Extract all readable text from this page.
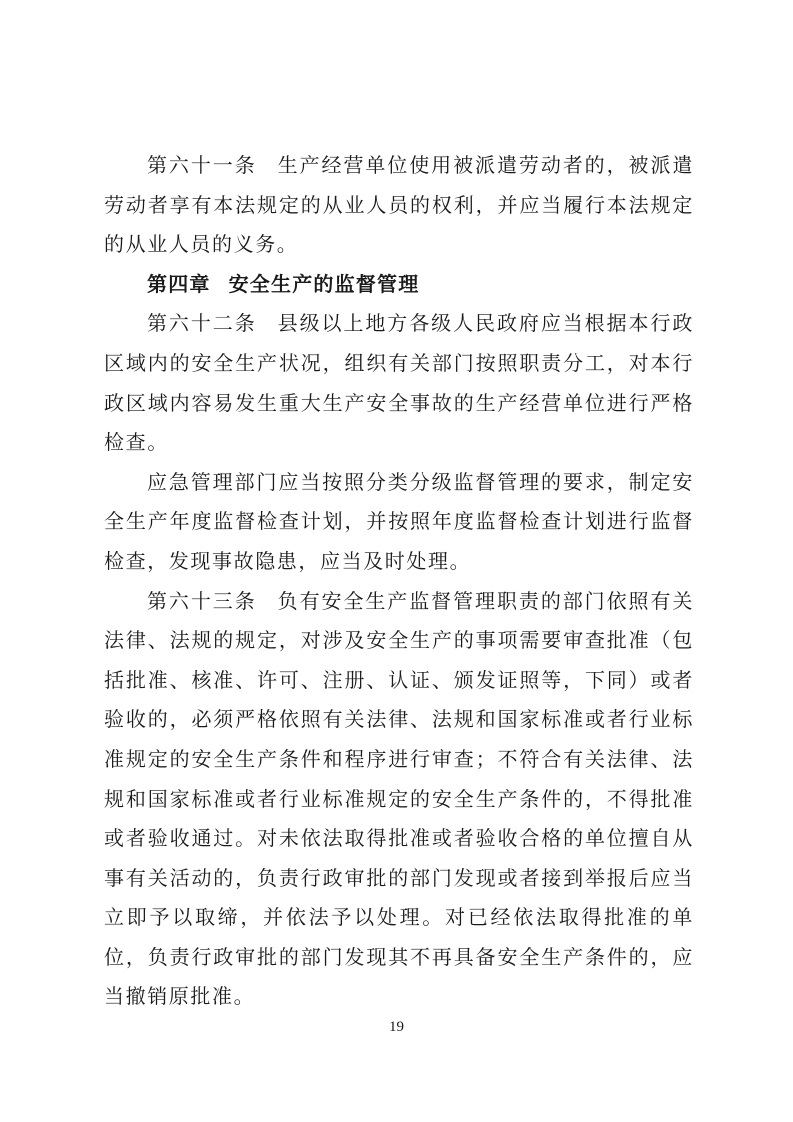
第六十一条 生产经营单位使用被派遣劳动者的，被派遣劳动者享有本法规定的从业人员的权利，并应当履行本法规定的从业人员的义务。

第四章 安全生产的监督管理

第六十二条 县级以上地方各级人民政府应当根据本行政区域内的安全生产状况，组织有关部门按照职责分工，对本行政区域内容易发生重大生产安全事故的生产经营单位进行严格检查。

应急管理部门应当按照分类分级监督管理的要求，制定安全生产年度监督检查计划，并按照年度监督检查计划进行监督检查，发现事故隐患，应当及时处理。

第六十三条 负有安全生产监督管理职责的部门依照有关法律、法规的规定，对涉及安全生产的事项需要审查批准（包括批准、核准、许可、注册、认证、颁发证照等，下同）或者验收的，必须严格依照有关法律、法规和国家标准或者行业标准规定的安全生产条件和程序进行审查；不符合有关法律、法规和国家标准或者行业标准规定的安全生产条件的，不得批准或者验收通过。对未依法取得批准或者验收合格的单位擅自从事有关活动的，负责行政审批的部门发现或者接到举报后应当立即予以取缔，并依法予以处理。对已经依法取得批准的单位，负责行政审批的部门发现其不再具备安全生产条件的，应当撤销原批准。

19
